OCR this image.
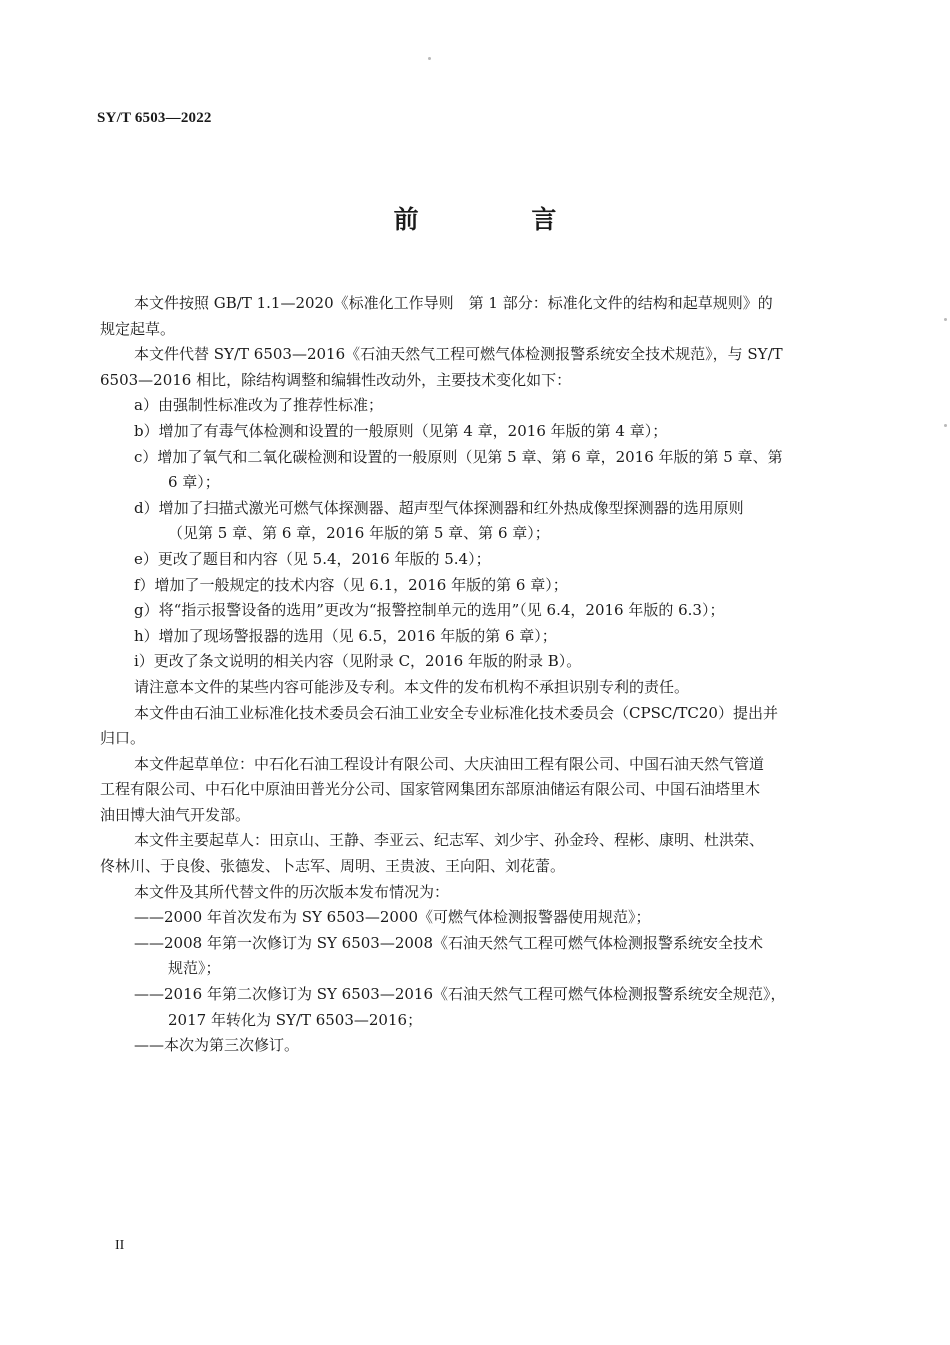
SY/T 6503—2022
前 言
本文件按照 GB/T 1.1—2020《标准化工作导则　第 1 部分：标准化文件的结构和起草规则》的
规定起草。
本文件代替 SY/T 6503—2016《石油天然气工程可燃气体检测报警系统安全技术规范》，与 SY/T
6503—2016 相比，除结构调整和编辑性改动外，主要技术变化如下：
a）由强制性标准改为了推荐性标准；
b）增加了有毒气体检测和设置的一般原则（见第 4 章，2016 年版的第 4 章）；
c）增加了氧气和二氧化碳检测和设置的一般原则（见第 5 章、第 6 章，2016 年版的第 5 章、第
6 章）；
d）增加了扫描式激光可燃气体探测器、超声型气体探测器和红外热成像型探测器的选用原则
（见第 5 章、第 6 章，2016 年版的第 5 章、第 6 章）；
e）更改了题目和内容（见 5.4，2016 年版的 5.4）；
f）增加了一般规定的技术内容（见 6.1，2016 年版的第 6 章）；
g）将“指示报警设备的选用”更改为“报警控制单元的选用”（见 6.4，2016 年版的 6.3）；
h）增加了现场警报器的选用（见 6.5，2016 年版的第 6 章）；
i）更改了条文说明的相关内容（见附录 C，2016 年版的附录 B）。
请注意本文件的某些内容可能涉及专利。本文件的发布机构不承担识别专利的责任。
本文件由石油工业标准化技术委员会石油工业安全专业标准化技术委员会（CPSC/TC20）提出并
归口。
本文件起草单位：中石化石油工程设计有限公司、大庆油田工程有限公司、中国石油天然气管道
工程有限公司、中石化中原油田普光分公司、国家管网集团东部原油储运有限公司、中国石油塔里木
油田博大油气开发部。
本文件主要起草人：田京山、王静、李亚云、纪志军、刘少宇、孙金玲、程彬、康明、杜洪荣、
佟林川、于良俊、张德发、卜志军、周明、王贵波、王向阳、刘花蕾。
本文件及其所代替文件的历次版本发布情况为：
——2000 年首次发布为 SY 6503—2000《可燃气体检测报警器使用规范》；
——2008 年第一次修订为 SY 6503—2008《石油天然气工程可燃气体检测报警系统安全技术
规范》；
——2016 年第二次修订为 SY 6503—2016《石油天然气工程可燃气体检测报警系统安全规范》，
2017 年转化为 SY/T 6503—2016；
——本次为第三次修订。
II
